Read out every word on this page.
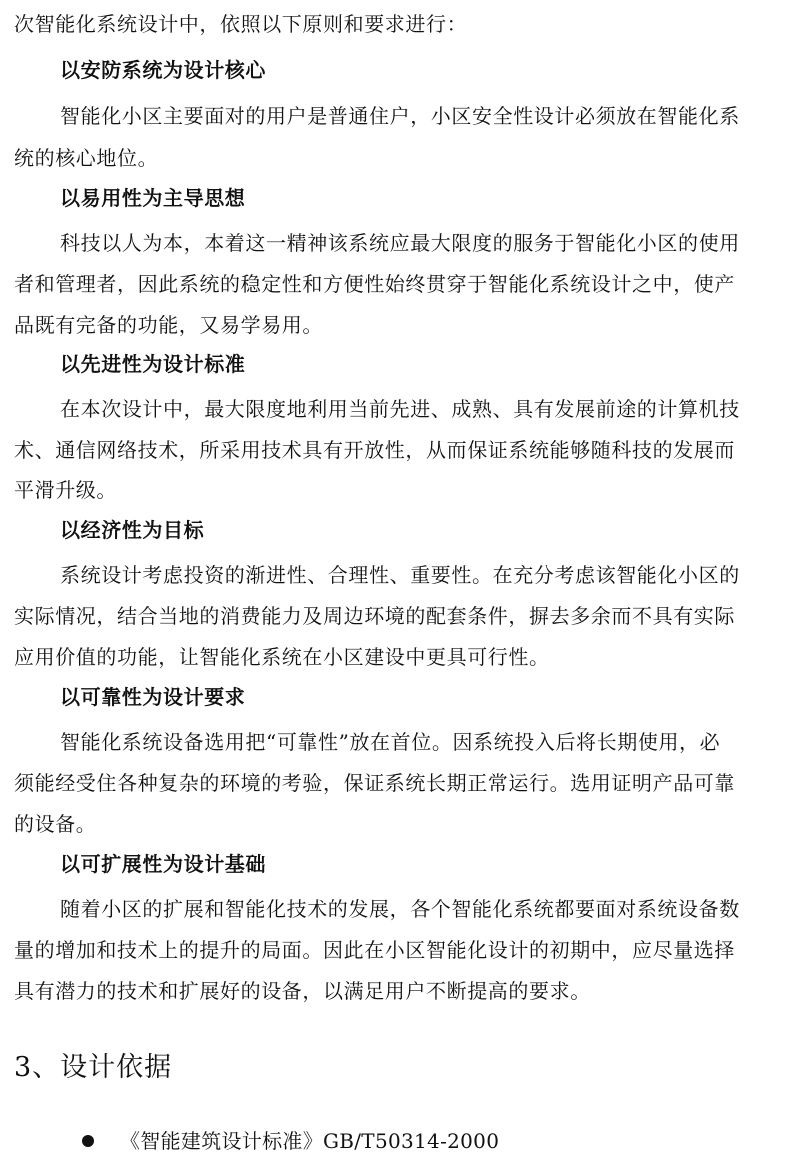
次智能化系统设计中，依照以下原则和要求进行：
以安防系统为设计核心
智能化小区主要面对的用户是普通住户，小区安全性设计必须放在智能化系
统的核心地位。
以易用性为主导思想
科技以人为本，本着这一精神该系统应最大限度的服务于智能化小区的使用
者和管理者，因此系统的稳定性和方便性始终贯穿于智能化系统设计之中，使产
品既有完备的功能，又易学易用。
以先进性为设计标准
在本次设计中，最大限度地利用当前先进、成熟、具有发展前途的计算机技
术、通信网络技术，所采用技术具有开放性，从而保证系统能够随科技的发展而
平滑升级。
以经济性为目标
系统设计考虑投资的渐进性、合理性、重要性。在充分考虑该智能化小区的
实际情况，结合当地的消费能力及周边环境的配套条件，摒去多余而不具有实际
应用价值的功能，让智能化系统在小区建设中更具可行性。
以可靠性为设计要求
智能化系统设备选用把“可靠性”放在首位。因系统投入后将长期使用，必
须能经受住各种复杂的环境的考验，保证系统长期正常运行。选用证明产品可靠
的设备。
以可扩展性为设计基础
随着小区的扩展和智能化技术的发展，各个智能化系统都要面对系统设备数
量的增加和技术上的提升的局面。因此在小区智能化设计的初期中，应尽量选择
具有潜力的技术和扩展好的设备，以满足用户不断提高的要求。
3、设计依据
《智能建筑设计标准》GB/T50314-2000
